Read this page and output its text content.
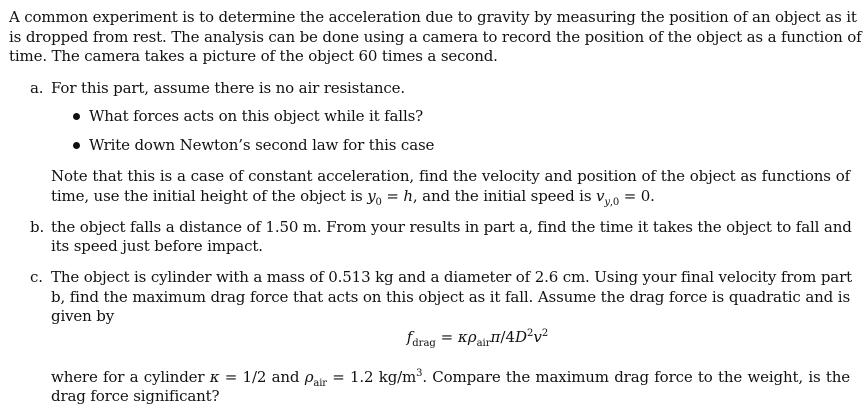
A common experiment is to determine the acceleration due to gravity by measuring the position of an object as it
is dropped from rest. The analysis can be done using a camera to record the position of the object as a function of
time. The camera takes a picture of the object 60 times a second.
a. For this part, assume there is no air resistance.
What forces acts on this object while it falls?
Write down Newton’s second law for this case
Note that this is a case of constant acceleration, find the velocity and position of the object as functions of
time, use the initial height of the object is $y_0 = h$, and the initial speed is $v_{y,0} = 0$.
b. the object falls a distance of 1.50 m. From your results in part a, find the time it takes the object to fall and
its speed just before impact.
c. The object is cylinder with a mass of 0.513 kg and a diameter of 2.6 cm. Using your final velocity from part
b, find the maximum drag force that acts on this object as it fall. Assume the drag force is quadratic and is
given by
$f_{drag} = \kappa\rho_{air}\pi/4D^2v^2$
where for a cylinder κ = 1/2 and $\rho_{air} = 1.2$ $kg/m^3$. Compare the maximum drag force to the weight, is the
drag force significant?
